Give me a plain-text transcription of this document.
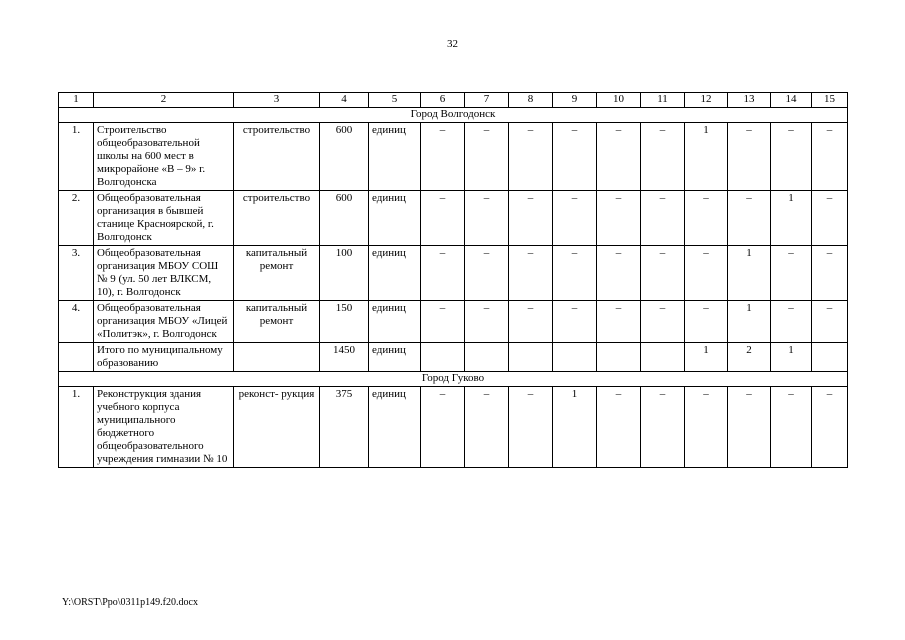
32
1	2	3	4	5	6	7	8	9	10	11	12	13	14	15
Город Волгодонск														
1.	Строительство общеобразовательной школы на 600 мест в микрорайоне «В – 9» г. Волгодонска	строительство	600	единиц	–	–	–	–	–	–	1	–	–	–
2.	Общеобразовательная организация в бывшей станице Красноярской, г. Волгодонск	строительство	600	единиц	–	–	–	–	–	–	–	–	1	–
3.	Общеобразовательная организация МБОУ СОШ № 9 (ул. 50 лет ВЛКСМ, 10), г. Волгодонск	капитальный ремонт	100	единиц	–	–	–	–	–	–	–	1	–	–
4.	Общеобразовательная организация МБОУ «Лицей «Политэк», г. Волгодонск	капитальный ремонт	150	единиц	–	–	–	–	–	–	–	1	–	–
	Итого по муниципальному образованию		1450	единиц							1	2	1	
Город Гуково														
1.	Реконструкция здания учебного корпуса муниципального бюджетного общеобразовательного учреждения гимназии № 10	реконст- рукция	375	единиц	–	–	–	1	–	–	–	–	–	–
Y:\ORST\Ppo\0311p149.f20.docx
